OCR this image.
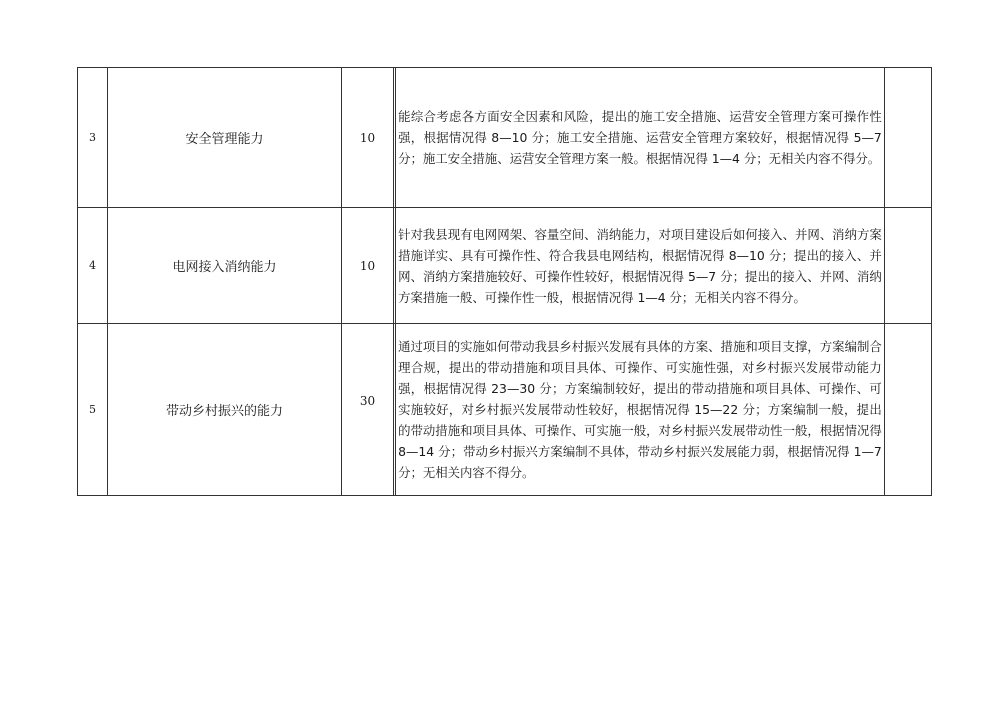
3	安全管理能力	10		能综合考虑各方面安全因素和风险，提出的施工安全措施、运营安全管理方案可操作性强，根据情况得 8—10 分；施工安全措施、运营安全管理方案较好，根据情况得 5—7 分；施工安全措施、运营安全管理方案一般。根据情况得 1—4 分；无相关内容不得分。	

4	电网接入消纳能力	10		针对我县现有电网网架、容量空间、消纳能力，对项目建设后如何接入、并网、消纳方案措施详实、具有可操作性、符合我县电网结构，根据情况得 8—10 分；提出的接入、并网、消纳方案措施较好、可操作性较好，根据情况得 5—7 分；提出的接入、并网、消纳方案措施一般、可操作性一般，根据情况得 1—4 分；无相关内容不得分。	

5	带动乡村振兴的能力	30		通过项目的实施如何带动我县乡村振兴发展有具体的方案、措施和项目支撑，方案编制合理合规，提出的带动措施和项目具体、可操作、可实施性强，对乡村振兴发展带动能力强，根据情况得 23—30 分；方案编制较好，提出的带动措施和项目具体、可操作、可实施较好，对乡村振兴发展带动性较好，根据情况得 15—22 分；方案编制一般，提出的带动措施和项目具体、可操作、可实施一般，对乡村振兴发展带动性一般，根据情况得 8—14 分；带动乡村振兴方案编制不具体，带动乡村振兴发展能力弱，根据情况得 1—7 分；无相关内容不得分。	
